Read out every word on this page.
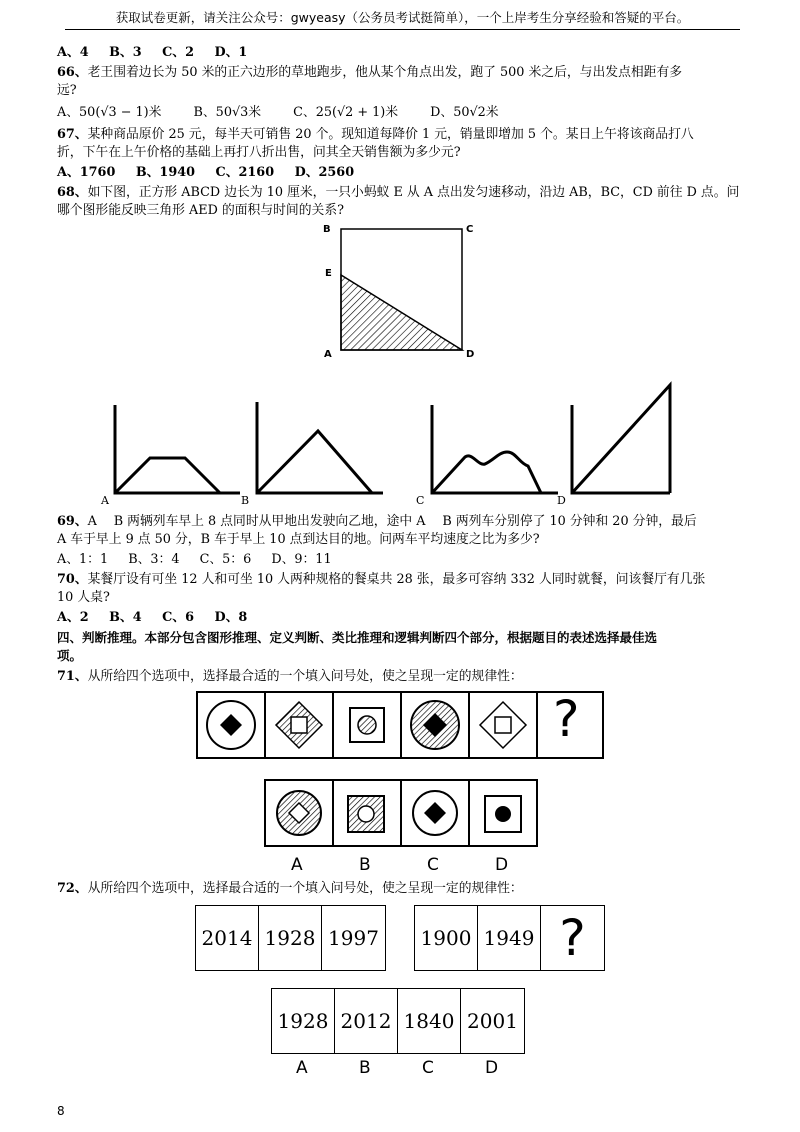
获取试卷更新，请关注公众号：gwyeasy（公务员考试挺简单），一个上岸考生分享经验和答疑的平台。
A、4 B、3 C、2 D、1
66、老王围着边长为 50 米的正六边形的草地跑步，他从某个角点出发，跑了 500 米之后，与出发点相距有多
远?
A、50(√3 − 1)米	B、50√3米	C、25(√2 + 1)米	D、50√2米
67、某种商品原价 25 元，每半天可销售 20 个。现知道每降价 1 元，销量即增加 5 个。某日上午将该商品打八
折，下午在上午价格的基础上再打八折出售，问其全天销售额为多少元?
A、1760 B、1940 C、2160 D、2560
68、如下图，正方形 ABCD 边长为 10 厘米，一只小蚂蚁 E 从 A 点出发匀速移动，沿边 AB，BC，CD 前往 D 点。问
哪个图形能反映三角形 AED 的面积与时间的关系?
B	C
E
A	D
A	B	C	D
69、A　 B 两辆列车早上 8 点同时从甲地出发驶向乙地，途中 A　 B 两列车分别停了 10 分钟和 20 分钟，最后
A 车于早上 9 点 50 分，B 车于早上 10 点到达目的地。问两车平均速度之比为多少?
A、1：1 B、3：4 C、5：6 D、9：11
70、某餐厅设有可坐 12 人和可坐 10 人两种规格的餐桌共 28 张，最多可容纳 332 人同时就餐，问该餐厅有几张
10 人桌?
A、2 B、4 C、6 D、8
四、判断推理。本部分包含图形推理、定义判断、类比推理和逻辑判断四个部分，根据题目的表述选择最佳选
项。
71、从所给四个选项中，选择最合适的一个填入问号处，使之呈现一定的规律性：
?
A	B	C	D
72、从所给四个选项中，选择最合适的一个填入问号处，使之呈现一定的规律性：
2014 1928 1997	1900 1949 ?
1928 2012 1840 2001
A	B	C	D
8
